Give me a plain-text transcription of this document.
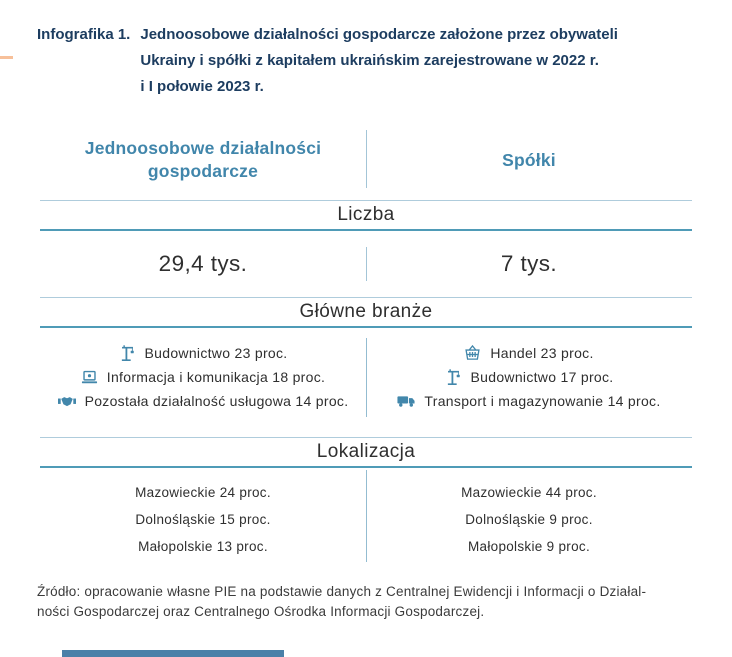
Infografika 1. Jednoosobowe działalności gospodarcze założone przez obywateli
Ukrainy i spółki z kapitałem ukraińskim zarejestrowane w 2022 r.
i I połowie 2023 r.
Jednoosobowe działalności gospodarcze
Spółki
Liczba
29,4 tys.	7 tys.
Główne branże
Budownictwo 23 proc.
Informacja i komunikacja 18 proc.
Pozostała działalność usługowa 14 proc.
Handel 23 proc.
Budownictwo 17 proc.
Transport i magazynowanie 14 proc.
Lokalizacja
Mazowieckie 24 proc.
Dolnośląskie 15 proc.
Małopolskie 13 proc.
Mazowieckie 44 proc.
Dolnośląskie 9 proc.
Małopolskie 9 proc.
Źródło: opracowanie własne PIE na podstawie danych z Centralnej Ewidencji i Informacji o Działal-
ności Gospodarczej oraz Centralnego Ośrodka Informacji Gospodarczej.
